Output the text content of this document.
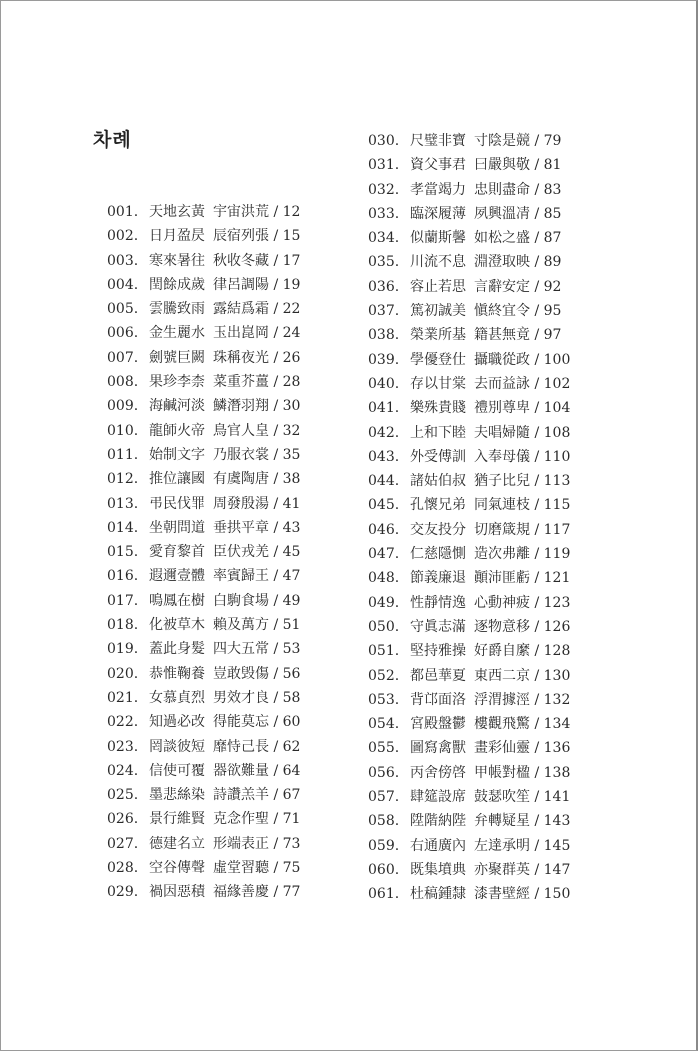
차례
001. 天地玄黃 宇宙洪荒 / 12
002. 日月盈昃 辰宿列張 / 15
003. 寒來暑往 秋收冬藏 / 17
004. 閏餘成歲 律呂調陽 / 19
005. 雲騰致雨 露結爲霜 / 22
006. 金生麗水 玉出崑岡 / 24
007. 劍號巨闕 珠稱夜光 / 26
008. 果珍李柰 菜重芥薑 / 28
009. 海鹹河淡 鱗潛羽翔 / 30
010. 龍師火帝 鳥官人皇 / 32
011. 始制文字 乃服衣裳 / 35
012. 推位讓國 有虞陶唐 / 38
013. 弔民伐罪 周發殷湯 / 41
014. 坐朝問道 垂拱平章 / 43
015. 愛育黎首 臣伏戎羌 / 45
016. 遐邇壹體 率賓歸王 / 47
017. 鳴鳳在樹 白駒食場 / 49
018. 化被草木 賴及萬方 / 51
019. 蓋此身髮 四大五常 / 53
020. 恭惟鞠養 豈敢毁傷 / 56
021. 女慕貞烈 男效才良 / 58
022. 知過必改 得能莫忘 / 60
023. 罔談彼短 靡恃己長 / 62
024. 信使可覆 器欲難量 / 64
025. 墨悲絲染 詩讚羔羊 / 67
026. 景行維賢 克念作聖 / 71
027. 德建名立 形端表正 / 73
028. 空谷傳聲 虛堂習聽 / 75
029. 禍因惡積 福緣善慶 / 77
030. 尺璧非寶 寸陰是競 / 79
031. 資父事君 曰嚴與敬 / 81
032. 孝當竭力 忠則盡命 / 83
033. 臨深履薄 夙興溫凊 / 85
034. 似蘭斯馨 如松之盛 / 87
035. 川流不息 淵澄取映 / 89
036. 容止若思 言辭安定 / 92
037. 篤初誠美 愼終宜令 / 95
038. 榮業所基 籍甚無竟 / 97
039. 學優登仕 攝職從政 / 100
040. 存以甘棠 去而益詠 / 102
041. 樂殊貴賤 禮別尊卑 / 104
042. 上和下睦 夫唱婦隨 / 108
043. 外受傅訓 入奉母儀 / 110
044. 諸姑伯叔 猶子比兒 / 113
045. 孔懷兄弟 同氣連枝 / 115
046. 交友投分 切磨箴規 / 117
047. 仁慈隱惻 造次弗離 / 119
048. 節義廉退 顚沛匪虧 / 121
049. 性靜情逸 心動神疲 / 123
050. 守眞志滿 逐物意移 / 126
051. 堅持雅操 好爵自縻 / 128
052. 都邑華夏 東西二京 / 130
053. 背邙面洛 浮渭據涇 / 132
054. 宮殿盤鬱 樓觀飛驚 / 134
055. 圖寫禽獸 畫彩仙靈 / 136
056. 丙舍傍啓 甲帳對楹 / 138
057. 肆筵設席 鼓瑟吹笙 / 141
058. 陞階納陛 弁轉疑星 / 143
059. 右通廣內 左達承明 / 145
060. 既集墳典 亦聚群英 / 147
061. 杜稿鍾隸 漆書壁經 / 150
